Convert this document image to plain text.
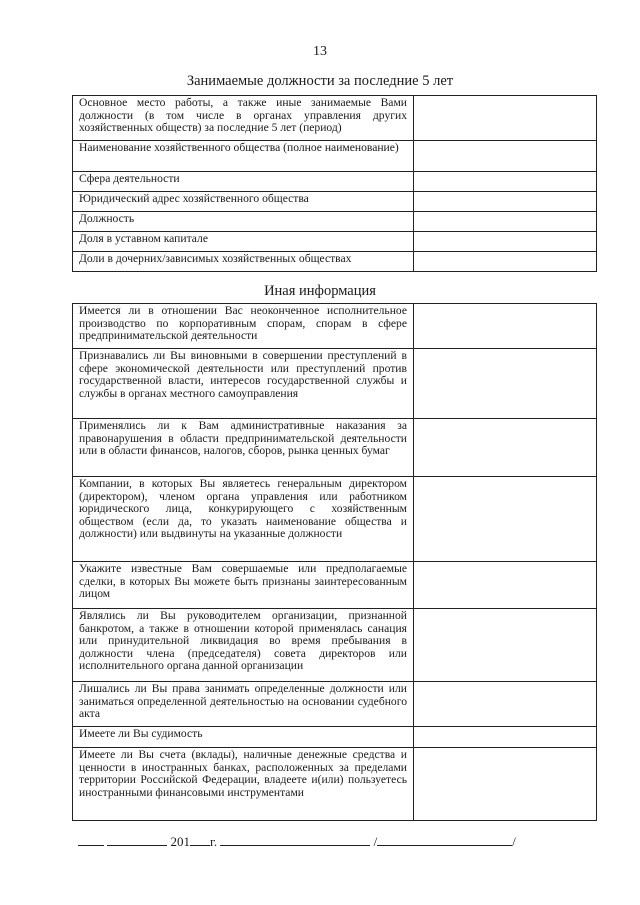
13
Занимаемые должности за последние 5 лет
Основное место работы, а также иные занимаемые Вами должности (в том числе в органах управления других хозяйственных обществ) за последние 5 лет (период)	
Наименование хозяйственного общества (полное наименование)	
Сфера деятельности	
Юридический адрес хозяйственного общества	
Должность	
Доля в уставном капитале	
Доли в дочерних/зависимых хозяйственных обществах	
Иная информация
Имеется ли в отношении Вас неоконченное исполнительное производство по корпоративным спорам, спорам в сфере предпринимательской деятельности	
Признавались ли Вы виновными в совершении преступлений в сфере экономической деятельности или преступлений против государственной власти, интересов государственной службы и службы в органах местного самоуправления	
Применялись ли к Вам административные наказания за правонарушения в области предпринимательской деятельности или в области финансов, налогов, сборов, рынка ценных бумаг	
Компании, в которых Вы являетесь генеральным директором (директором), членом органа управления или работником юридического лица, конкурирующего с хозяйственным обществом (если да, то указать наименование общества и должности) или выдвинуты на указанные должности	
Укажите известные Вам совершаемые или предполагаемые сделки, в которых Вы можете быть признаны заинтересованным лицом	
Являлись ли Вы руководителем организации, признанной банкротом, а также в отношении которой применялась санация или принудительной ликвидация во время пребывания в должности члена (председателя) совета директоров или исполнительного органа данной организации	
Лишались ли Вы права занимать определенные должности или заниматься определенной деятельностью на основании судебного акта	
Имеете ли Вы судимость	
Имеете ли Вы счета (вклады), наличные денежные средства и ценности в иностранных банках, расположенных за пределами территории Российской Федерации, владеете и(или) пользуетесь иностранными финансовыми инструментами	
201 г.	/	/
